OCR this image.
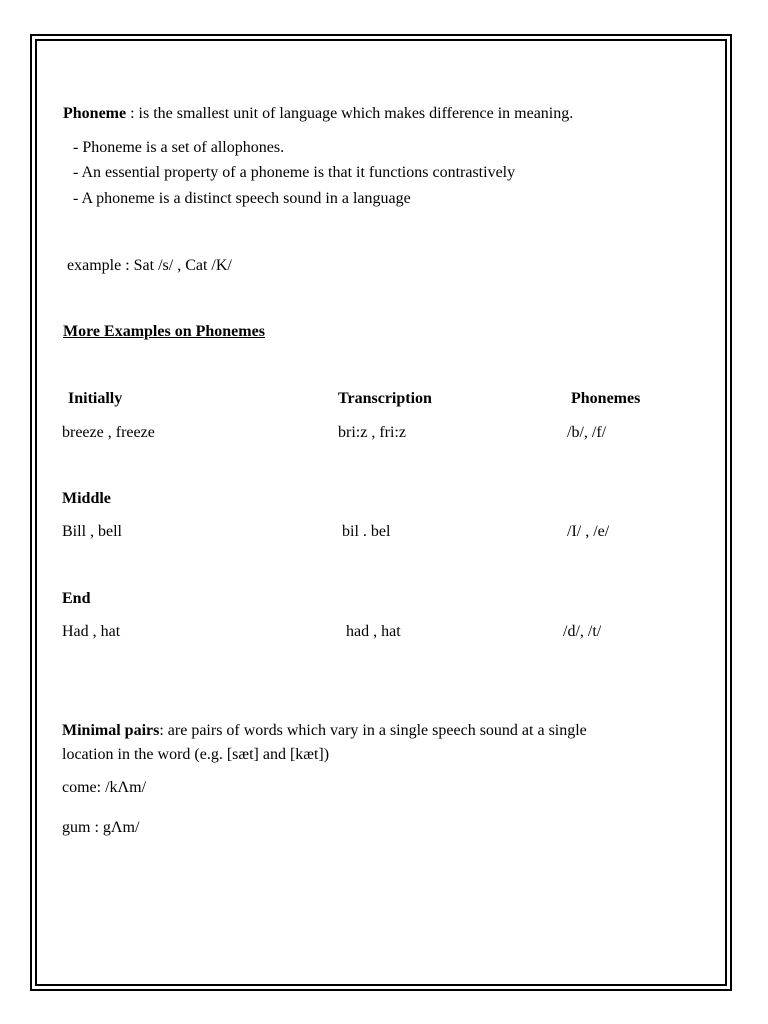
Phoneme : is the smallest unit of language which makes difference in meaning.
- Phoneme is a set of allophones.
- An essential property of a phoneme is that it functions contrastively
- A phoneme is a distinct speech sound in a language
example : Sat /s/ , Cat /K/
More Examples on Phonemes
Initially	Transcription	Phonemes
breeze , freeze	bri:z , fri:z	/b/, /f/
Middle
Bill , bell	bil . bel	/I/ , /e/
End
Had , hat	had , hat	/d/, /t/
Minimal pairs: are pairs of words which vary in a single speech sound at a single
location in the word (e.g. [sæt] and [kæt])
come: /kΛm/
gum : gΛm/
